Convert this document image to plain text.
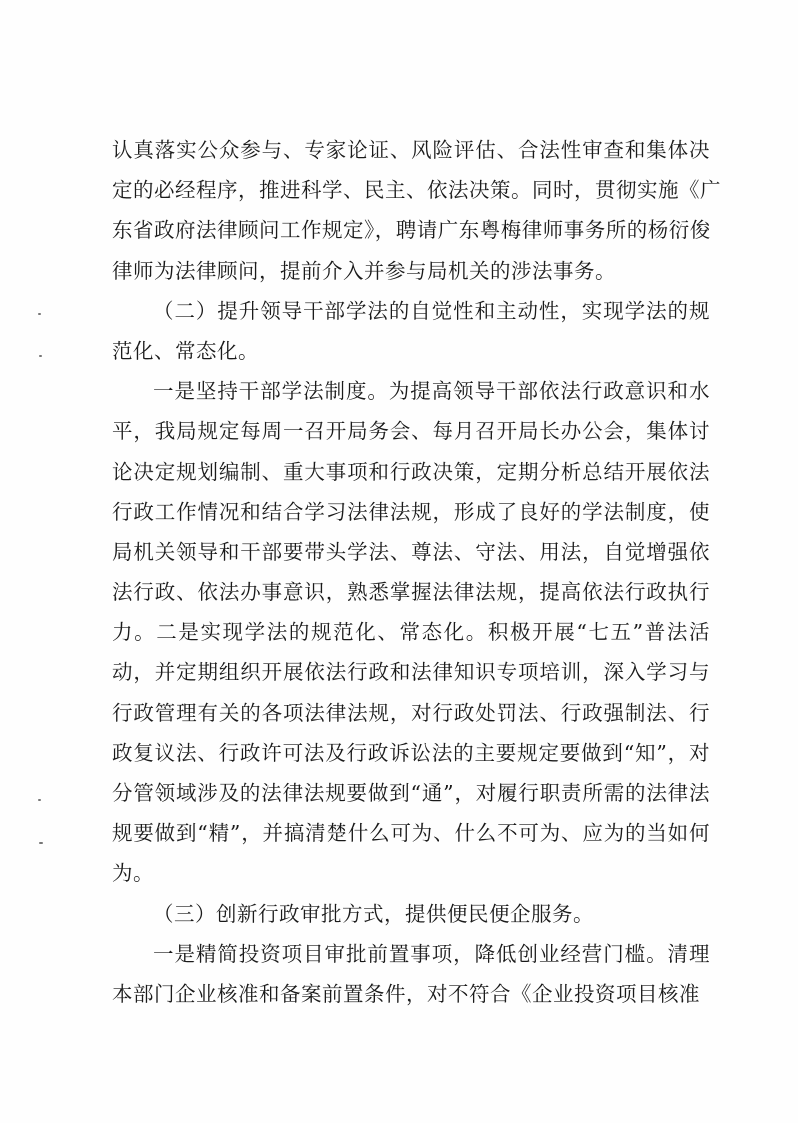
认真落实公众参与、专家论证、风险评估、合法性审查和集体决
定的必经程序，推进科学、民主、依法决策。同时，贯彻实施《广
东省政府法律顾问工作规定》，聘请广东粤梅律师事务所的杨衍俊
律师为法律顾问，提前介入并参与局机关的涉法事务。
（二）提升领导干部学法的自觉性和主动性，实现学法的规
范化、常态化。
一是坚持干部学法制度。为提高领导干部依法行政意识和水
平，我局规定每周一召开局务会、每月召开局长办公会，集体讨
论决定规划编制、重大事项和行政决策，定期分析总结开展依法
行政工作情况和结合学习法律法规，形成了良好的学法制度，使
局机关领导和干部要带头学法、尊法、守法、用法，自觉增强依
法行政、依法办事意识，熟悉掌握法律法规，提高依法行政执行
力。二是实现学法的规范化、常态化。积极开展“七五”普法活
动，并定期组织开展依法行政和法律知识专项培训，深入学习与
行政管理有关的各项法律法规，对行政处罚法、行政强制法、行
政复议法、行政许可法及行政诉讼法的主要规定要做到“知”，对
分管领域涉及的法律法规要做到“通”，对履行职责所需的法律法
规要做到“精”，并搞清楚什么可为、什么不可为、应为的当如何
为。
（三）创新行政审批方式，提供便民便企服务。
一是精简投资项目审批前置事项，降低创业经营门槛。清理
本部门企业核准和备案前置条件，对不符合《企业投资项目核准
